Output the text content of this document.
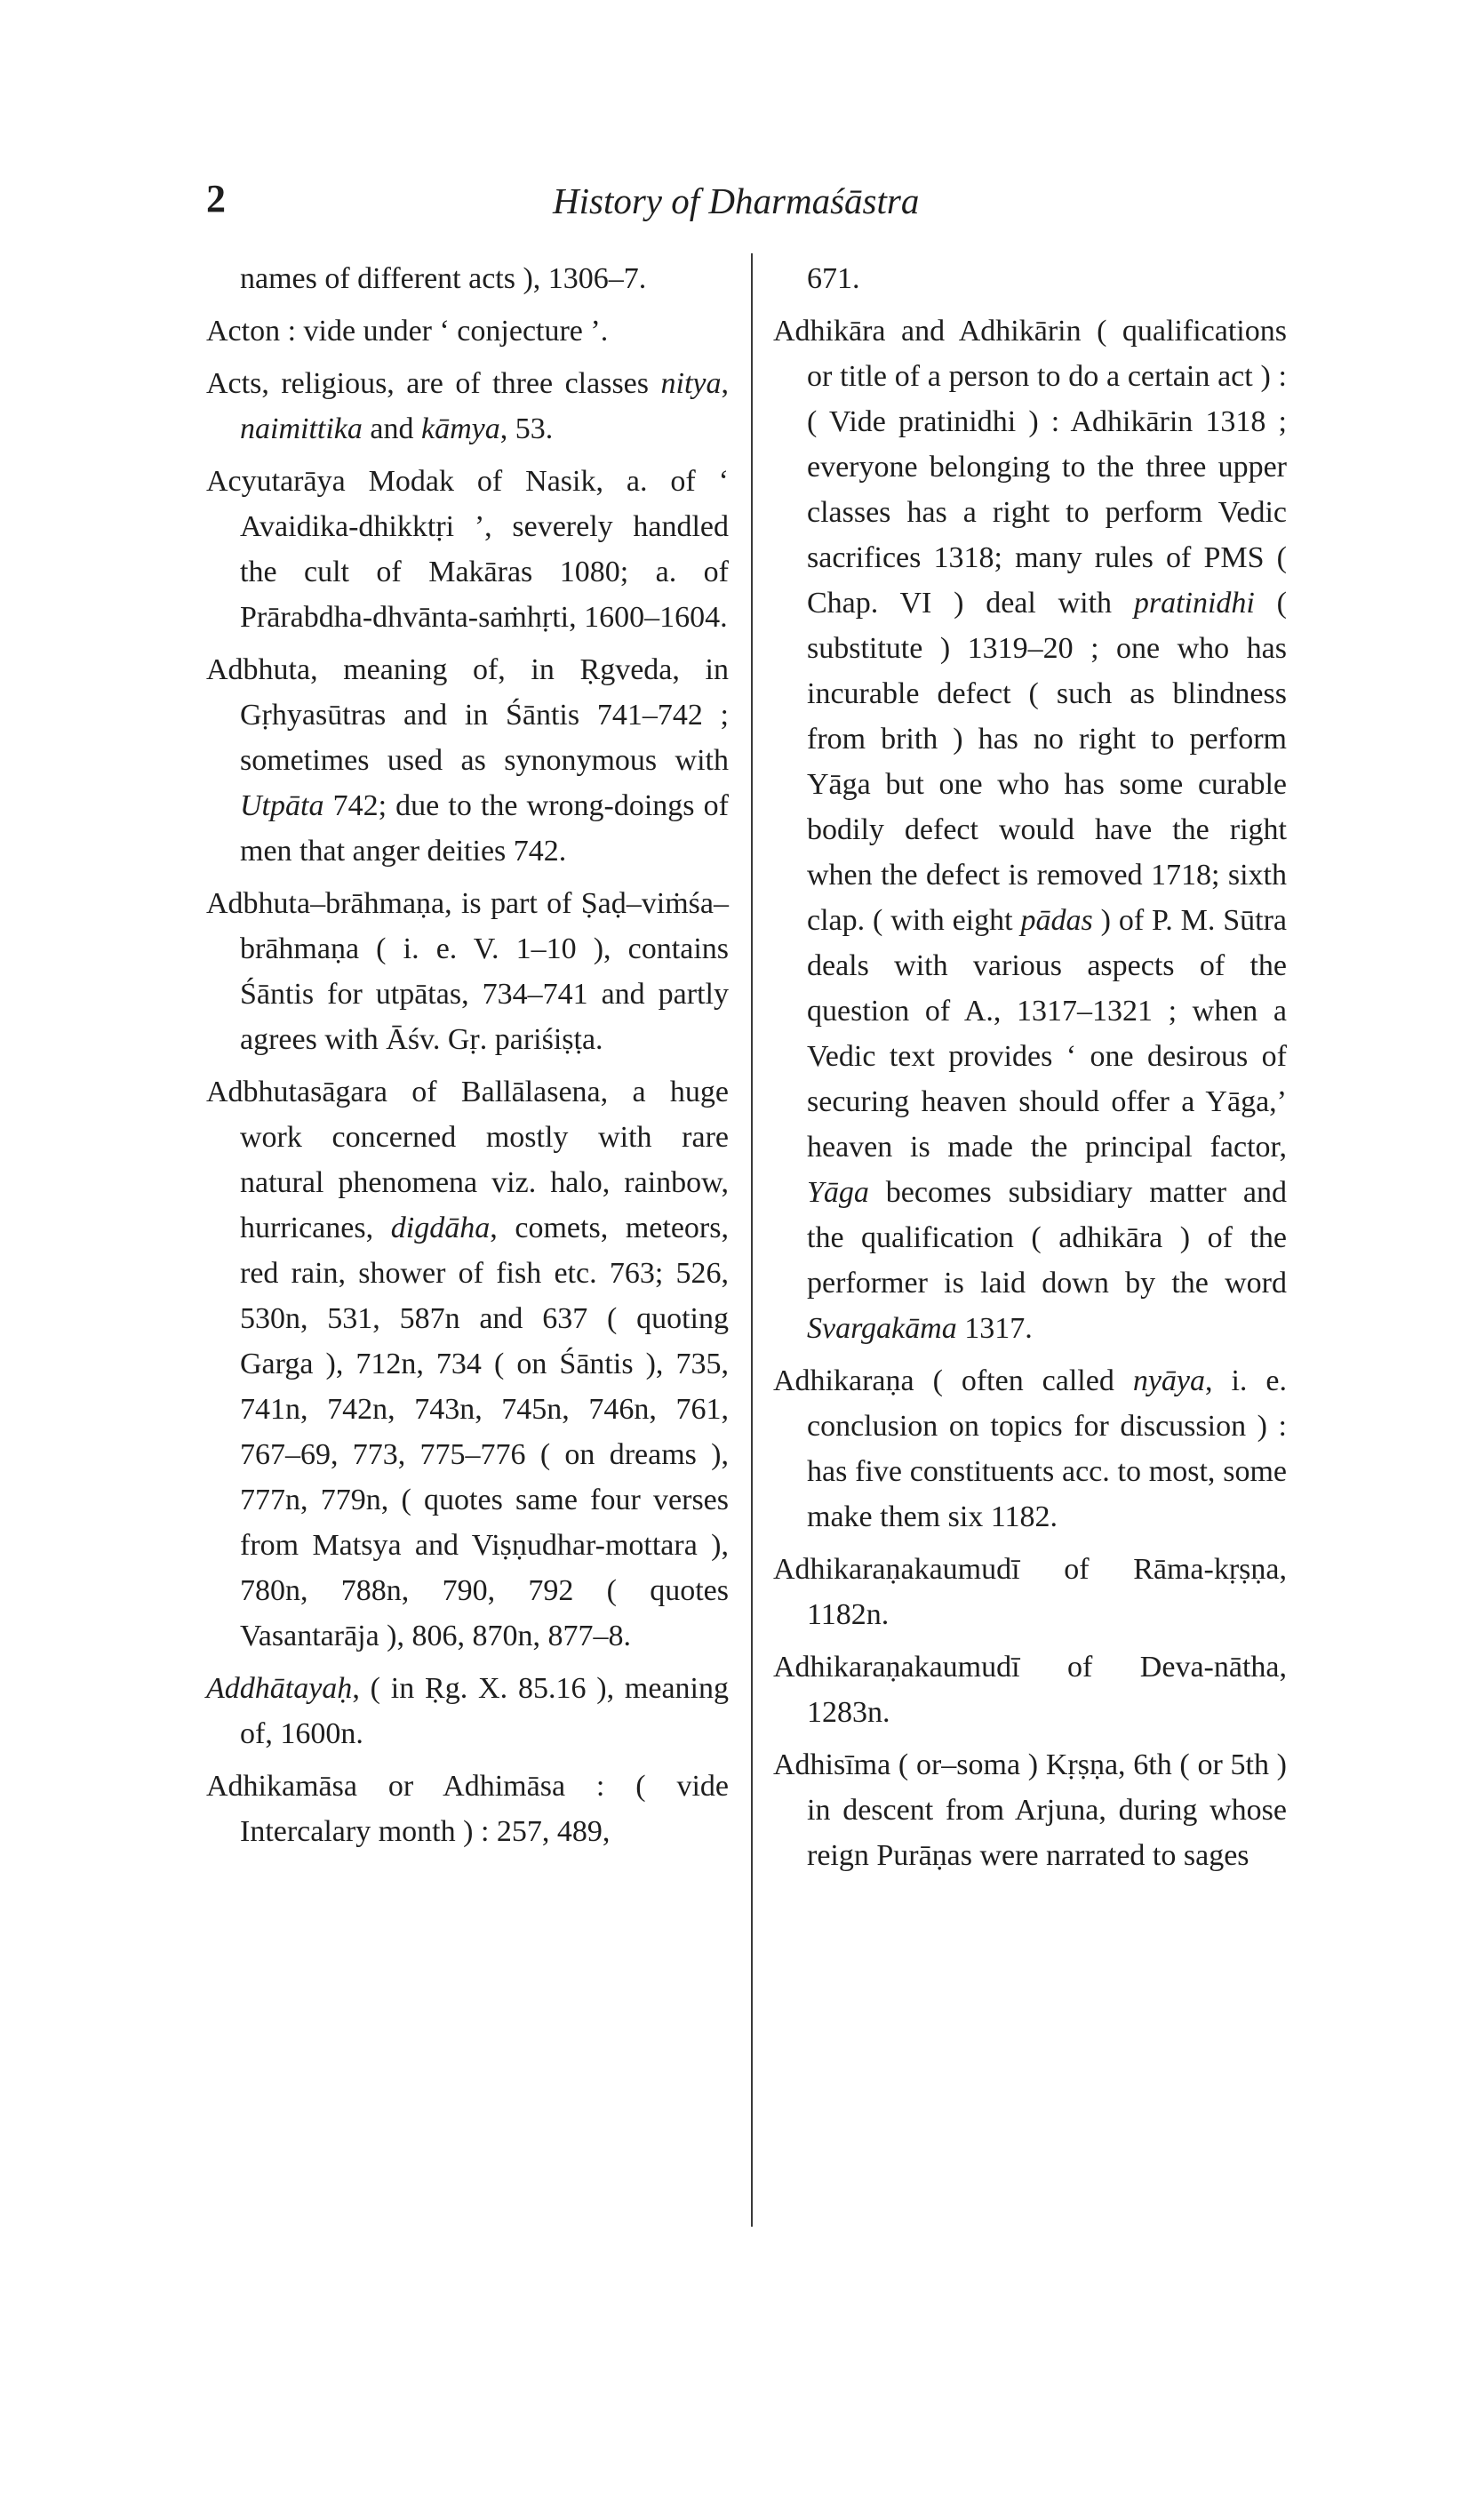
2	History of Dharmaśāstra

names of different acts ), 1306–7.

Acton : vide under ‘ conjecture ’.

Acts, religious, are of three classes nitya, naimittika and kāmya, 53.

Acyutarāya Modak of Nasik, a. of ‘ Avaidika-dhikktṛi ’, severely handled the cult of Makāras 1080; a. of Prārabdha-dhvānta-saṁhṛti, 1600–1604.

Adbhuta, meaning of, in Ṛgveda, in Gṛhyasūtras and in Śāntis 741–742 ; sometimes used as synonymous with Utpāta 742; due to the wrong-doings of men that anger deities 742.

Adbhuta–brāhmaṇa, is part of Ṣaḍ–viṁśa–brāhmaṇa ( i. e. V. 1–10 ), contains Śāntis for utpātas, 734–741 and partly agrees with Āśv. Gṛ. pariśiṣṭa.

Adbhutasāgara of Ballālasena, a huge work concerned mostly with rare natural phenomena viz. halo, rainbow, hurricanes, digdāha, comets, meteors, red rain, shower of fish etc. 763; 526, 530n, 531, 587n and 637 ( quoting Garga ), 712n, 734 ( on Śāntis ), 735, 741n, 742n, 743n, 745n, 746n, 761, 767–69, 773, 775–776 ( on dreams ), 777n, 779n, ( quotes same four verses from Matsya and Viṣṇudhar-mottara ), 780n, 788n, 790, 792 ( quotes Vasantarāja ), 806, 870n, 877–8.

Addhātayaḥ, ( in Ṛg. X. 85.16 ), meaning of, 1600n.

Adhikamāsa or Adhimāsa : ( vide Intercalary month ) : 257, 489,

671.

Adhikāra and Adhikārin ( qualifications or title of a person to do a certain act ) : ( Vide pratinidhi ) : Adhikārin 1318 ; everyone belonging to the three upper classes has a right to perform Vedic sacrifices 1318; many rules of PMS ( Chap. VI ) deal with pratinidhi ( substitute ) 1319–20 ; one who has incurable defect ( such as blindness from brith ) has no right to perform Yāga but one who has some curable bodily defect would have the right when the defect is removed 1718; sixth clap. ( with eight pādas ) of P. M. Sūtra deals with various aspects of the question of A., 1317–1321 ; when a Vedic text provides ‘ one desirous of securing heaven should offer a Yāga,’ heaven is made the principal factor, Yāga becomes subsidiary matter and the qualification ( adhikāra ) of the performer is laid down by the word Svargakāma 1317.

Adhikaraṇa ( often called nyāya, i. e. conclusion on topics for discussion ) : has five constituents acc. to most, some make them six 1182.

Adhikaraṇakaumudī of Rāma-kṛṣṇa, 1182n.

Adhikaraṇakaumudī of Deva-nātha, 1283n.

Adhisīma ( or–soma ) Kṛṣṇa, 6th ( or 5th ) in descent from Arjuna, during whose reign Purāṇas were narrated to sages
